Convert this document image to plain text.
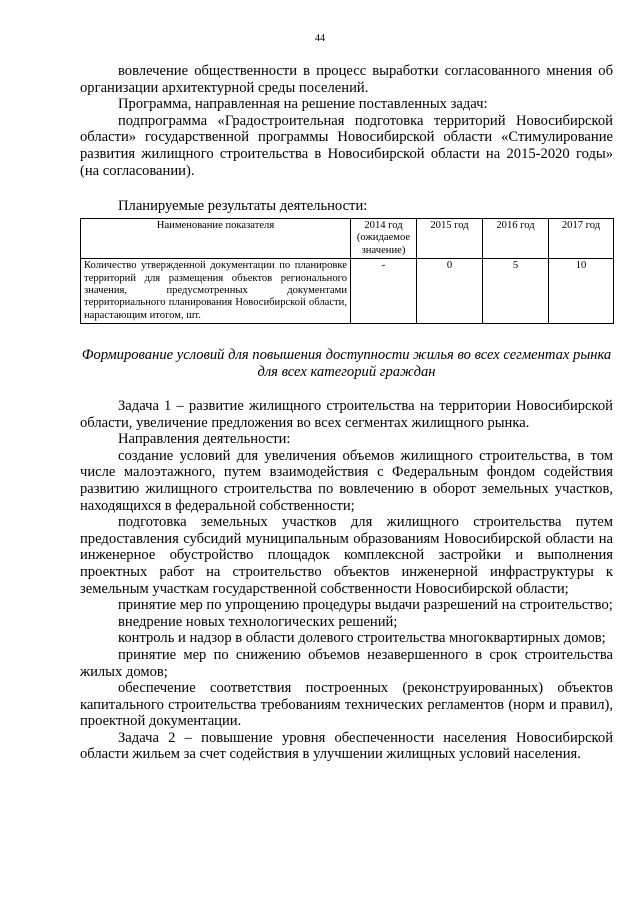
44

вовлечение общественности в процесс выработки согласованного мнения об организации архитектурной среды поселений.

Программа, направленная на решение поставленных задач:

подпрограмма «Градостроительная подготовка территорий Новосибирской области» государственной программы Новосибирской области «Стимулирование развития жилищного строительства в Новосибирской области на 2015-2020 годы» (на согласовании).

Планируемые результаты деятельности:
Наименование показателя	2014 год (ожидаемое значение)	2015 год	2016 год	2017 год
Количество утвержденной документации по планировке территорий для размещения объектов регионального значения, предусмотренных документами территориального планирования Новосибирской области, нарастающим итогом, шт.	-	0	5	10
Формирование условий для повышения доступности жилья во всех сегментах рынка для всех категорий граждан

Задача 1 – развитие жилищного строительства на территории Новосибирской области, увеличение предложения во всех сегментах жилищного рынка.

Направления деятельности:

создание условий для увеличения объемов жилищного строительства, в том числе малоэтажного, путем взаимодействия с Федеральным фондом содействия развитию жилищного строительства по вовлечению в оборот земельных участков, находящихся в федеральной собственности;

подготовка земельных участков для жилищного строительства путем предоставления субсидий муниципальным образованиям Новосибирской области на инженерное обустройство площадок комплексной застройки и выполнения проектных работ на строительство объектов инженерной инфраструктуры к земельным участкам государственной собственности Новосибирской области;

принятие мер по упрощению процедуры выдачи разрешений на строительство;

внедрение новых технологических решений;

контроль и надзор в области долевого строительства многоквартирных домов;

принятие мер по снижению объемов незавершенного в срок строительства жилых домов;

обеспечение соответствия построенных (реконструированных) объектов капитального строительства требованиям технических регламентов (норм и правил), проектной документации.

Задача 2 – повышение уровня обеспеченности населения Новосибирской области жильем за счет содействия в улучшении жилищных условий населения.
